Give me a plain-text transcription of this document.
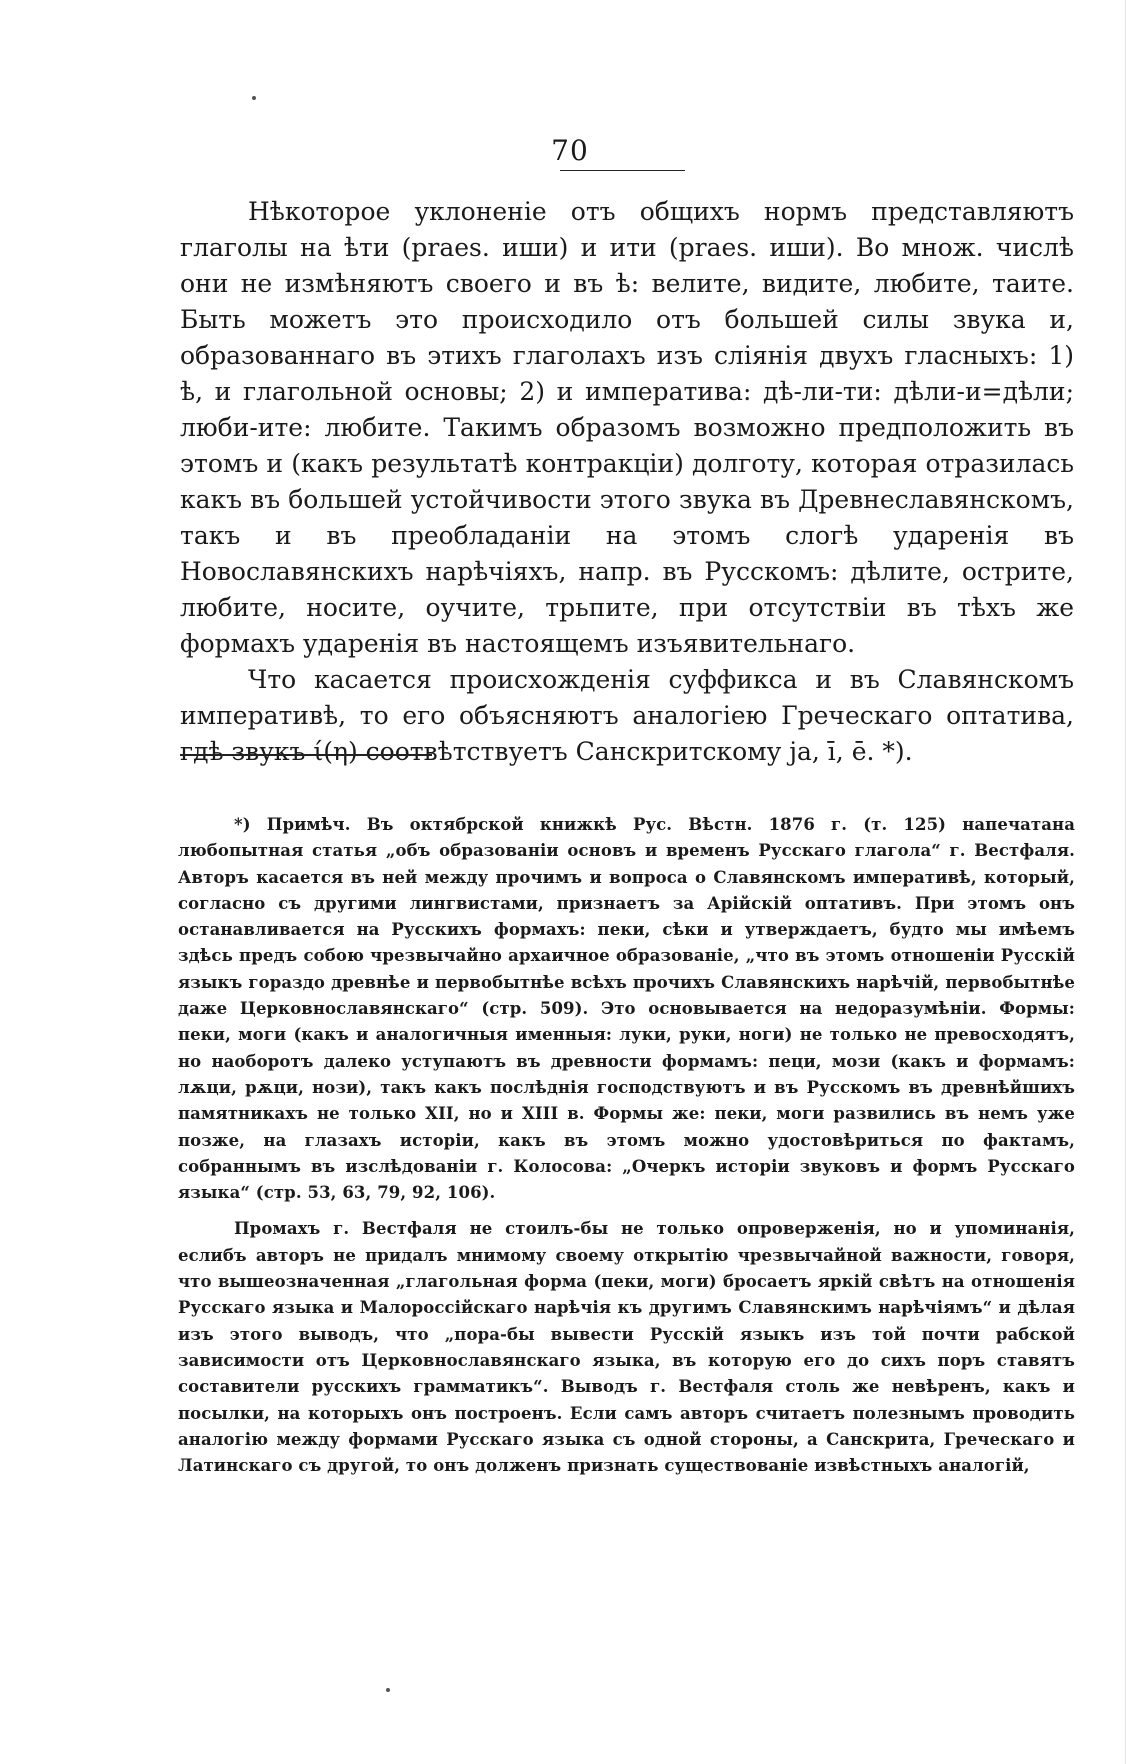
70

Нѣкоторое уклоненіе отъ общихъ нормъ представляютъ глаголы на ѣти (praes. иши) и ити (praes. иши). Во множ. числѣ они не измѣняютъ своего и въ ѣ: велите, видите, любите, таите. Быть можетъ это происходило отъ большей силы звука и, образованнаго въ этихъ глаголахъ изъ сліянія двухъ гласныхъ: 1) ѣ, и глагольной основы; 2) и императива: дѣ-ли-ти: дѣли-и=дѣли; люби-ите: любите. Такимъ образомъ возможно предположить въ этомъ и (какъ результатѣ контракціи) долготу, которая отразилась какъ въ большей устойчивости этого звука въ Древнеславянскомъ, такъ и въ преобладаніи на этомъ слогѣ ударенія въ Новославянскихъ нарѣчіяхъ, напр. въ Русскомъ: дѣлите, острите, любите, носите, оучите, трьпите, при отсутствіи въ тѣхъ же формахъ ударенія въ настоящемъ изъявительнаго.

Что касается происхожденія суффикса и въ Славянскомъ императивѣ, то его объясняютъ аналогіею Греческаго оптатива, гдѣ звукъ ί(η) соотвѣтствуетъ Санскритскому ja, ī, ē. *).

*) Примѣч. Въ октябрской книжкѣ Рус. Вѣстн. 1876 г. (т. 125) напечатана любопытная статья „объ образованіи основъ и временъ Русскаго глагола“ г. Вестфаля. Авторъ касается въ ней между прочимъ и вопроса о Славянскомъ императивѣ, который, согласно съ другими лингвистами, признаетъ за Арійскій оптативъ. При этомъ онъ останавливается на Русскихъ формахъ: пеки, сѣки и утверждаетъ, будто мы имѣемъ здѣсь предъ собою чрезвычайно архаичное образованіе, „что въ этомъ отношеніи Русскій языкъ гораздо древнѣе и первобытнѣе всѣхъ прочихъ Славянскихъ нарѣчій, первобытнѣе даже Церковнославянскаго“ (стр. 509). Это основывается на недоразумѣніи. Формы: пеки, моги (какъ и аналогичныя именныя: луки, руки, ноги) не только не превосходятъ, но наоборотъ далеко уступаютъ въ древности формамъ: пеци, мози (какъ и формамъ: лѫци, рѫци, нози), такъ какъ послѣднія господствуютъ и въ Русскомъ въ древнѣйшихъ памятникахъ не только XII, но и XIII в. Формы же: пеки, моги развились въ немъ уже позже, на глазахъ исторіи, какъ въ этомъ можно удостовѣриться по фактамъ, собраннымъ въ изслѣдованіи г. Колосова: „Очеркъ исторіи звуковъ и формъ Русскаго языка“ (стр. 53, 63, 79, 92, 106).

Промахъ г. Вестфаля не стоилъ-бы не только опроверженія, но и упоминанія, еслибъ авторъ не придалъ мнимому своему открытію чрезвычайной важности, говоря, что вышеозначенная „глагольная форма (пеки, моги) бросаетъ яркій свѣтъ на отношенія Русскаго языка и Малороссійскаго нарѣчія къ другимъ Славянскимъ нарѣчіямъ“ и дѣлая изъ этого выводъ, что „пора-бы вывести Русскій языкъ изъ той почти рабской зависимости отъ Церковнославянскаго языка, въ которую его до сихъ поръ ставятъ составители русскихъ грамматикъ“. Выводъ г. Вестфаля столь же невѣренъ, какъ и посылки, на которыхъ онъ построенъ. Если самъ авторъ считаетъ полезнымъ проводить аналогію между формами Русскаго языка съ одной стороны, а Санскрита, Греческаго и Латинскаго съ другой, то онъ долженъ признать существованіе извѣстныхъ аналогій,
